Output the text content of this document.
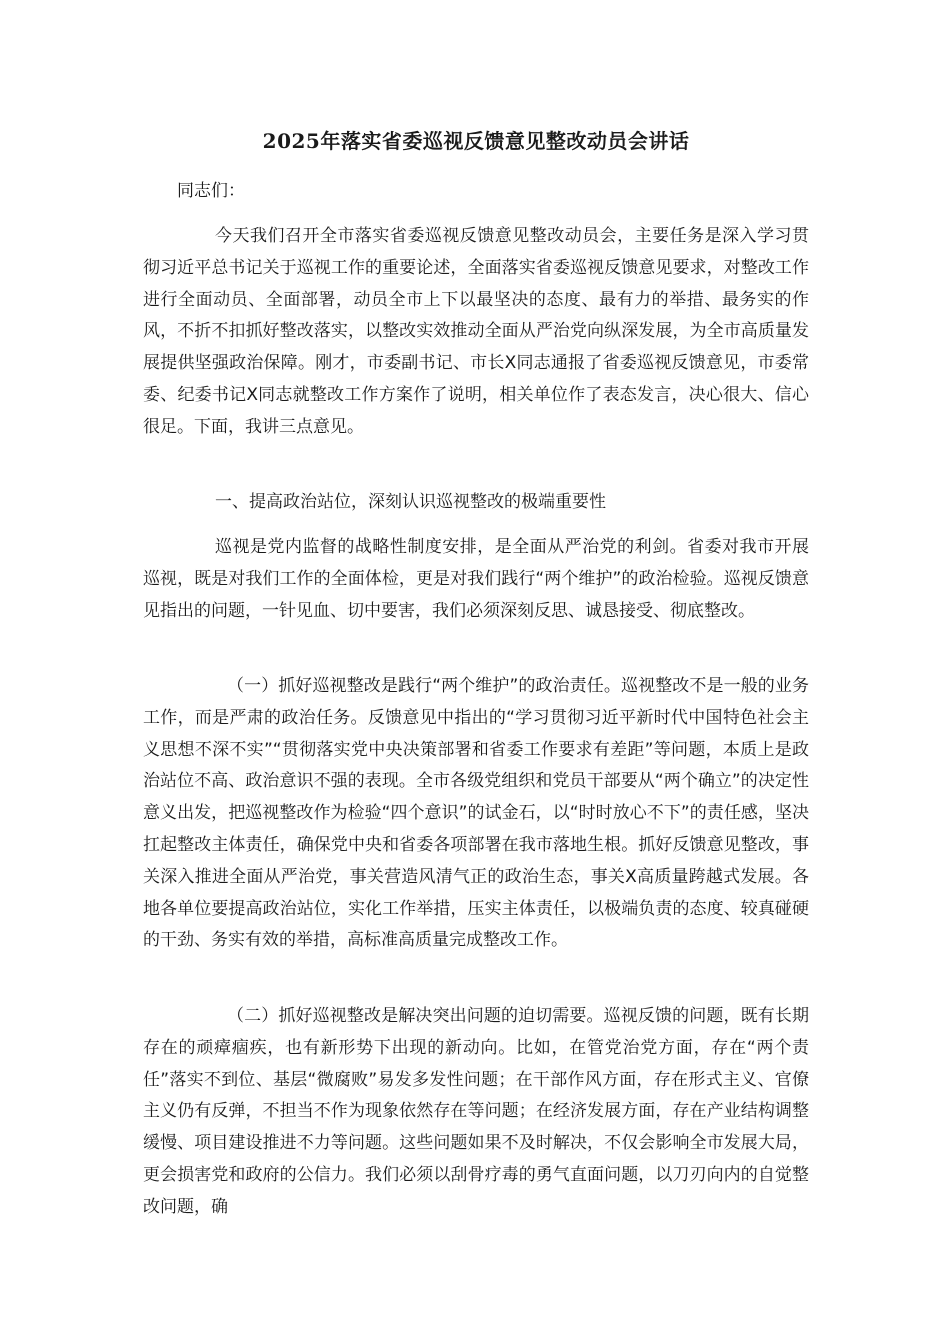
2025年落实省委巡视反馈意见整改动员会讲话

同志们：

今天我们召开全市落实省委巡视反馈意见整改动员会，主要任务是深入学习贯彻习近平总书记关于巡视工作的重要论述，全面落实省委巡视反馈意见要求，对整改工作进行全面动员、全面部署，动员全市上下以最坚决的态度、最有力的举措、最务实的作风，不折不扣抓好整改落实，以整改实效推动全面从严治党向纵深发展，为全市高质量发展提供坚强政治保障。刚才，市委副书记、市长X同志通报了省委巡视反馈意见，市委常委、纪委书记X同志就整改工作方案作了说明，相关单位作了表态发言，决心很大、信心很足。下面，我讲三点意见。

一、提高政治站位，深刻认识巡视整改的极端重要性

巡视是党内监督的战略性制度安排，是全面从严治党的利剑。省委对我市开展巡视，既是对我们工作的全面体检，更是对我们践行“两个维护”的政治检验。巡视反馈意见指出的问题，一针见血、切中要害，我们必须深刻反思、诚恳接受、彻底整改。

（一）抓好巡视整改是践行“两个维护”的政治责任。巡视整改不是一般的业务工作，而是严肃的政治任务。反馈意见中指出的“学习贯彻习近平新时代中国特色社会主义思想不深不实”“贯彻落实党中央决策部署和省委工作要求有差距”等问题，本质上是政治站位不高、政治意识不强的表现。全市各级党组织和党员干部要从“两个确立”的决定性意义出发，把巡视整改作为检验“四个意识”的试金石，以“时时放心不下”的责任感，坚决扛起整改主体责任，确保党中央和省委各项部署在我市落地生根。抓好反馈意见整改，事关深入推进全面从严治党，事关营造风清气正的政治生态，事关X高质量跨越式发展。各地各单位要提高政治站位，实化工作举措，压实主体责任，以极端负责的态度、较真碰硬的干劲、务实有效的举措，高标准高质量完成整改工作。

（二）抓好巡视整改是解决突出问题的迫切需要。巡视反馈的问题，既有长期存在的顽瘴痼疾，也有新形势下出现的新动向。比如，在管党治党方面，存在“两个责任”落实不到位、基层“微腐败”易发多发性问题；在干部作风方面，存在形式主义、官僚主义仍有反弹，不担当不作为现象依然存在等问题；在经济发展方面，存在产业结构调整缓慢、项目建设推进不力等问题。这些问题如果不及时解决，不仅会影响全市发展大局，更会损害党和政府的公信力。我们必须以刮骨疗毒的勇气直面问题，以刀刃向内的自觉整改问题，确
